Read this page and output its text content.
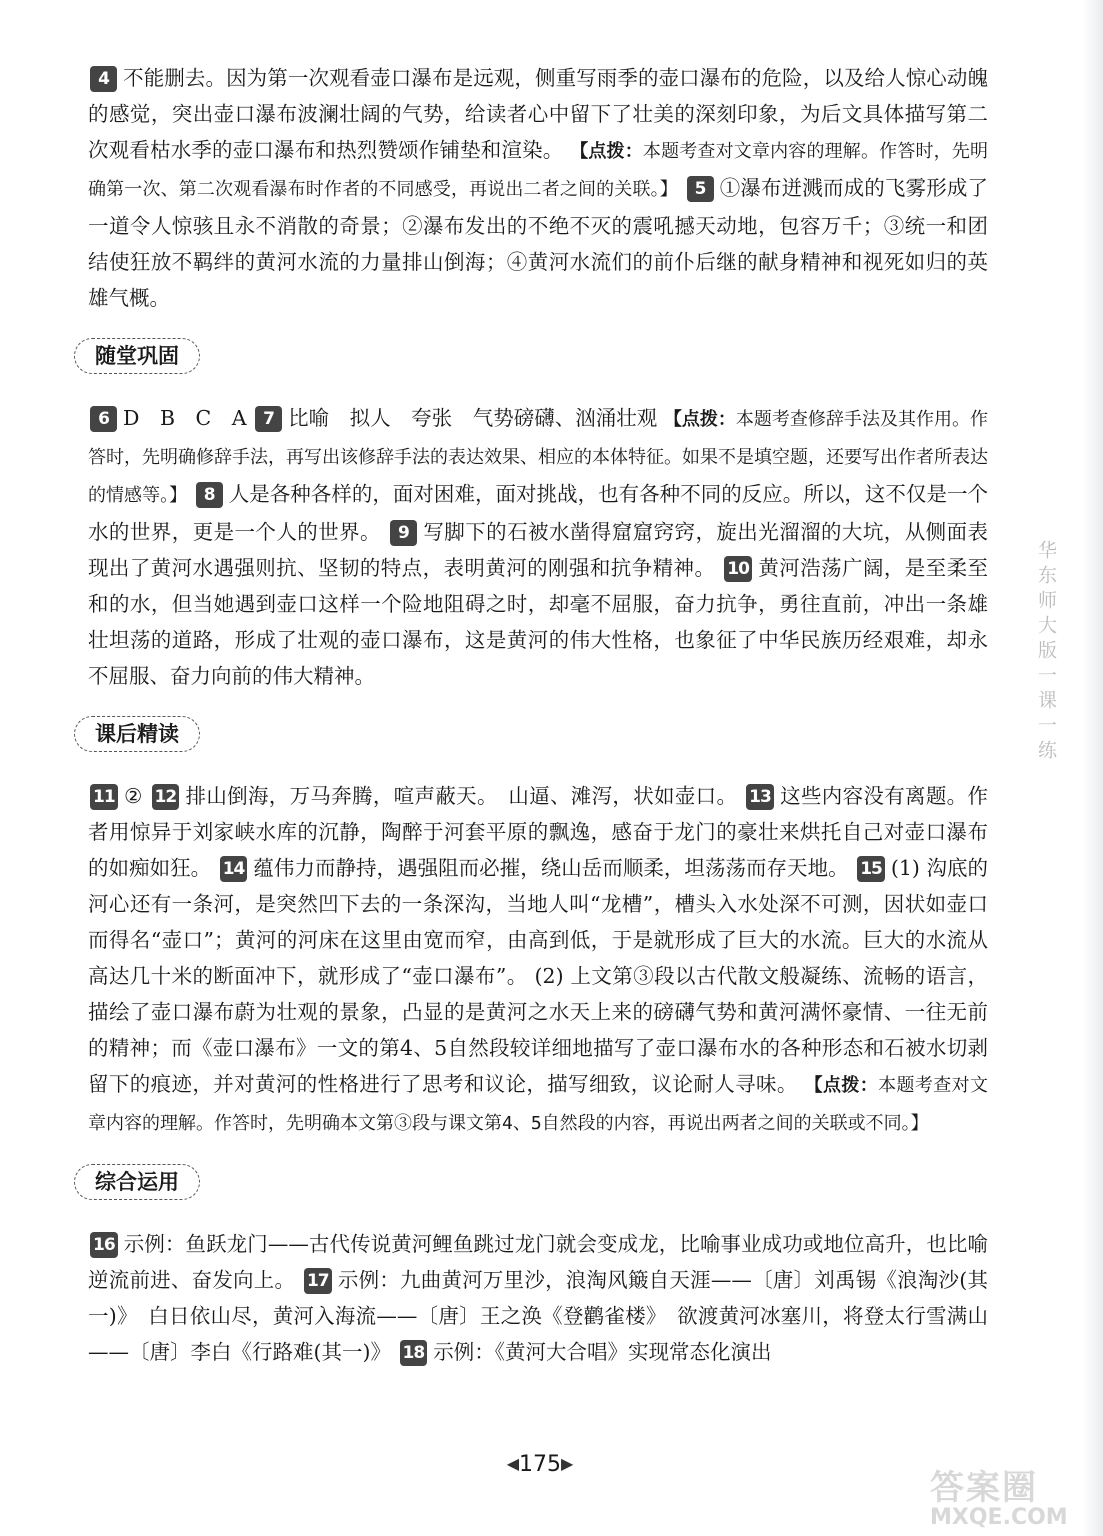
4 不能删去。因为第一次观看壶口瀑布是远观，侧重写雨季的壶口瀑布的危险，以及给人惊心动魄的感觉，突出壶口瀑布波澜壮阔的气势，给读者心中留下了壮美的深刻印象，为后文具体描写第二次观看枯水季的壶口瀑布和热烈赞颂作铺垫和渲染。 【点拨：本题考查对文章内容的理解。作答时，先明确第一次、第二次观看瀑布时作者的不同感受，再说出二者之间的关联。】 5 ①瀑布迸溅而成的飞雾形成了一道令人惊骇且永不消散的奇景；②瀑布发出的不绝不灭的震吼撼天动地，包容万千；③统一和团结使狂放不羁绊的黄河水流的力量排山倒海；④黄河水流们的前仆后继的献身精神和视死如归的英雄气概。

随堂巩固

6 D　B　C　A 7 比喻　拟人　夸张　气势磅礴、汹涌壮观 【点拨：本题考查修辞手法及其作用。作答时，先明确修辞手法，再写出该修辞手法的表达效果、相应的本体特征。如果不是填空题，还要写出作者所表达的情感等。】 8 人是各种各样的，面对困难，面对挑战，也有各种不同的反应。所以，这不仅是一个水的世界，更是一个人的世界。 9 写脚下的石被水凿得窟窟窍窍，旋出光溜溜的大坑，从侧面表现出了黄河水遇强则抗、坚韧的特点，表明黄河的刚强和抗争精神。 10 黄河浩荡广阔，是至柔至和的水，但当她遇到壶口这样一个险地阻碍之时，却毫不屈服，奋力抗争，勇往直前，冲出一条雄壮坦荡的道路，形成了壮观的壶口瀑布，这是黄河的伟大性格，也象征了中华民族历经艰难，却永不屈服、奋力向前的伟大精神。

课后精读

11 ② 12 排山倒海，万马奔腾，喧声蔽天。　山逼、滩泻，状如壶口。 13 这些内容没有离题。作者用惊异于刘家峡水库的沉静，陶醉于河套平原的飘逸，感奋于龙门的豪壮来烘托自己对壶口瀑布的如痴如狂。 14 蕴伟力而静持，遇强阻而必摧，绕山岳而顺柔，坦荡荡而存天地。 15 (1) 沟底的河心还有一条河，是突然凹下去的一条深沟，当地人叫“龙槽”，槽头入水处深不可测，因状如壶口而得名“壶口”；黄河的河床在这里由宽而窄，由高到低，于是就形成了巨大的水流。巨大的水流从高达几十米的断面冲下，就形成了“壶口瀑布”。 (2) 上文第③段以古代散文般凝练、流畅的语言，描绘了壶口瀑布蔚为壮观的景象，凸显的是黄河之水天上来的磅礴气势和黄河满怀豪情、一往无前的精神；而《壶口瀑布》一文的第4、5自然段较详细地描写了壶口瀑布水的各种形态和石被水切剥留下的痕迹，并对黄河的性格进行了思考和议论，描写细致，议论耐人寻味。 【点拨：本题考查对文章内容的理解。作答时，先明确本文第③段与课文第4、5自然段的内容，再说出两者之间的关联或不同。】

综合运用

16 示例：鱼跃龙门——古代传说黄河鲤鱼跳过龙门就会变成龙，比喻事业成功或地位高升，也比喻逆流前进、奋发向上。 17 示例：九曲黄河万里沙，浪淘风簸自天涯——〔唐〕刘禹锡《浪淘沙(其一)》　白日依山尽，黄河入海流——〔唐〕王之涣《登鹳雀楼》　欲渡黄河冰塞川，将登太行雪满山——〔唐〕李白《行路难(其一)》 18 示例：《黄河大合唱》实现常态化演出

◀175▶
华东师大版一课一练
答案圈
MXQE.COM
